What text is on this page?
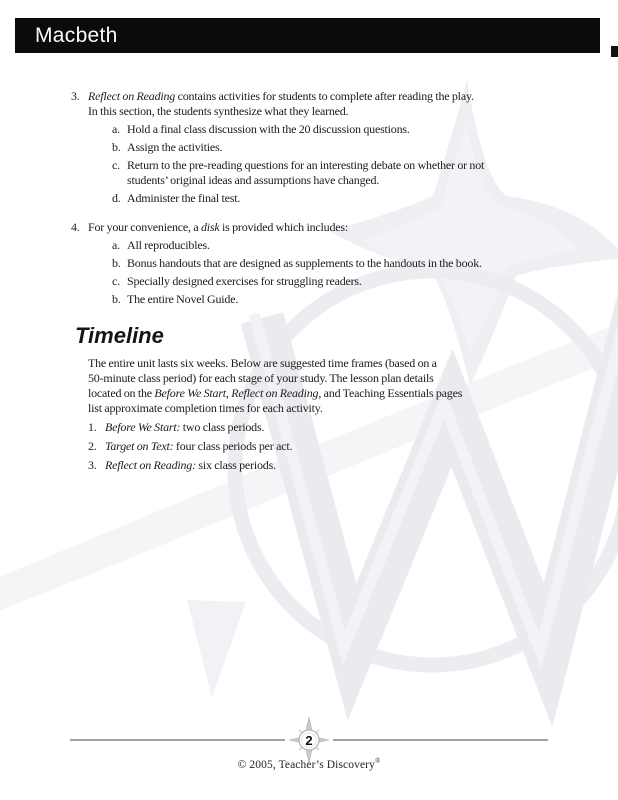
Macbeth
3. Reflect on Reading contains activities for students to complete after reading the play.
In this section, the students synthesize what they learned.
a. Hold a final class discussion with the 20 discussion questions.
b. Assign the activities.
c. Return to the pre-reading questions for an interesting debate on whether or not
students’ original ideas and assumptions have changed.
d. Administer the final test.
4. For your convenience, a disk is provided which includes:
a. All reproducibles.
b. Bonus handouts that are designed as supplements to the handouts in the book.
c. Specially designed exercises for struggling readers.
b. The entire Novel Guide.
Timeline
The entire unit lasts six weeks. Below are suggested time frames (based on a
50-minute class period) for each stage of your study. The lesson plan details
located on the Before We Start, Reflect on Reading, and Teaching Essentials pages
list approximate completion times for each activity.
1. Before We Start: two class periods.
2. Target on Text: four class periods per act.
3. Reflect on Reading: six class periods.
2
© 2005, Teacher’s Discovery®
